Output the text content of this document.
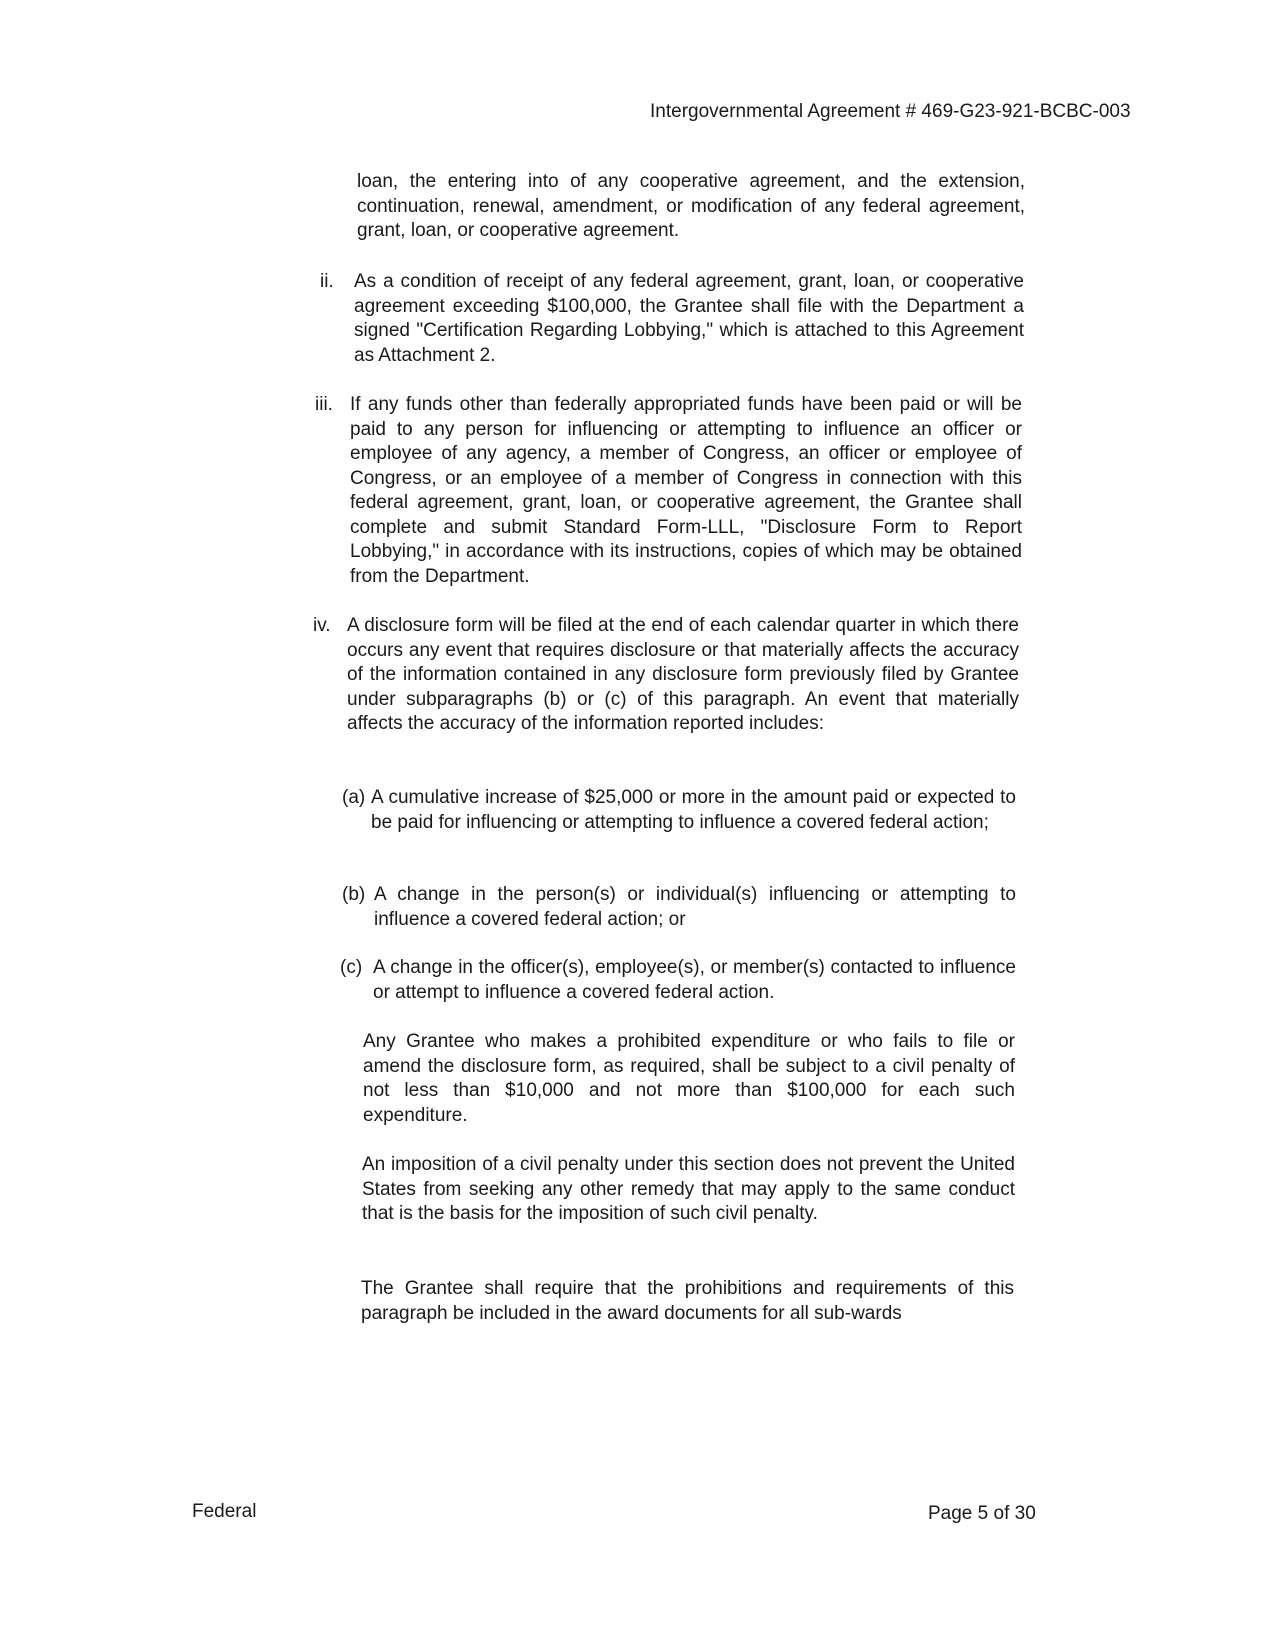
Intergovernmental Agreement # 469-G23-921-BCBC-003

loan, the entering into of any cooperative agreement, and the extension, continuation, renewal, amendment, or modification of any federal agreement, grant, loan, or cooperative agreement.

ii. As a condition of receipt of any federal agreement, grant, loan, or cooperative agreement exceeding $100,000, the Grantee shall file with the Department a signed "Certification Regarding Lobbying," which is attached to this Agreement as Attachment 2.

iii. If any funds other than federally appropriated funds have been paid or will be paid to any person for influencing or attempting to influence an officer or employee of any agency, a member of Congress, an officer or employee of Congress, or an employee of a member of Congress in connection with this federal agreement, grant, loan, or cooperative agreement, the Grantee shall complete and submit Standard Form-LLL, "Disclosure Form to Report Lobbying," in accordance with its instructions, copies of which may be obtained from the Department.

iv. A disclosure form will be filed at the end of each calendar quarter in which there occurs any event that requires disclosure or that materially affects the accuracy of the information contained in any disclosure form previously filed by Grantee under subparagraphs (b) or (c) of this paragraph. An event that materially affects the accuracy of the information reported includes:

(a) A cumulative increase of $25,000 or more in the amount paid or expected to be paid for influencing or attempting to influence a covered federal action;

(b) A change in the person(s) or individual(s) influencing or attempting to influence a covered federal action; or

(c) A change in the officer(s), employee(s), or member(s) contacted to influence or attempt to influence a covered federal action.

Any Grantee who makes a prohibited expenditure or who fails to file or amend the disclosure form, as required, shall be subject to a civil penalty of not less than $10,000 and not more than $100,000 for each such expenditure.

An imposition of a civil penalty under this section does not prevent the United States from seeking any other remedy that may apply to the same conduct that is the basis for the imposition of such civil penalty.

The Grantee shall require that the prohibitions and requirements of this paragraph be included in the award documents for all sub-wards

Federal	Page 5 of 30
